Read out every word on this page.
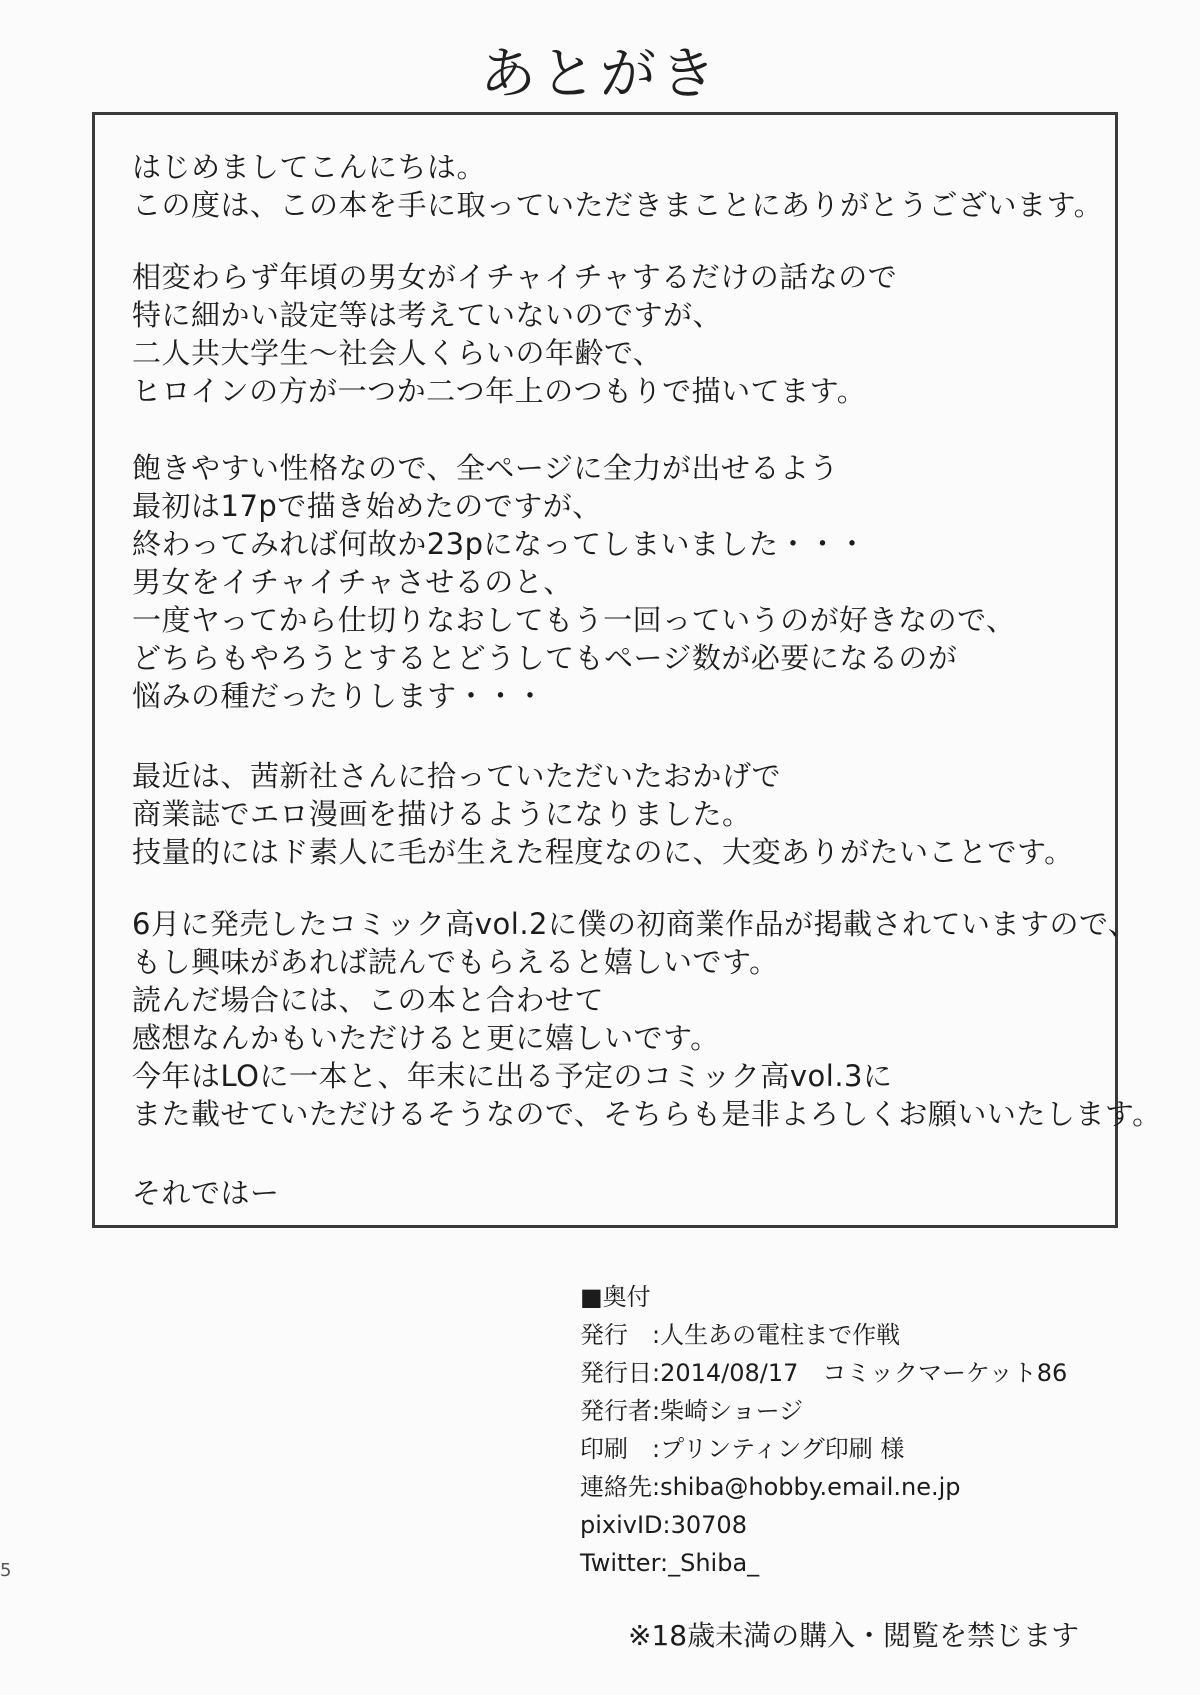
あとがき
はじめましてこんにちは。
この度は、この本を手に取っていただきまことにありがとうございます。
相変わらず年頃の男女がイチャイチャするだけの話なので
特に細かい設定等は考えていないのですが、
二人共大学生～社会人くらいの年齢で、
ヒロインの方が一つか二つ年上のつもりで描いてます。
飽きやすい性格なので、全ページに全力が出せるよう
最初は17pで描き始めたのですが、
終わってみれば何故か23pになってしまいました・・・
男女をイチャイチャさせるのと、
一度ヤってから仕切りなおしてもう一回っていうのが好きなので、
どちらもやろうとするとどうしてもページ数が必要になるのが
悩みの種だったりします・・・
最近は、茜新社さんに拾っていただいたおかげで
商業誌でエロ漫画を描けるようになりました。
技量的にはド素人に毛が生えた程度なのに、大変ありがたいことです。
6月に発売したコミック高vol.2に僕の初商業作品が掲載されていますので、
もし興味があれば読んでもらえると嬉しいです。
読んだ場合には、この本と合わせて
感想なんかもいただけると更に嬉しいです。
今年はLOに一本と、年末に出る予定のコミック高vol.3に
また載せていただけるそうなので、そちらも是非よろしくお願いいたします。
それではー
■奥付
発行　:人生あの電柱まで作戦
発行日:2014/08/17　コミックマーケット86
発行者:柴崎ショージ
印刷　:プリンティング印刷 様
連絡先:shiba@hobby.email.ne.jp
pixivID:30708
Twitter:_Shiba_
5
※18歳未満の購入・閲覧を禁じます
